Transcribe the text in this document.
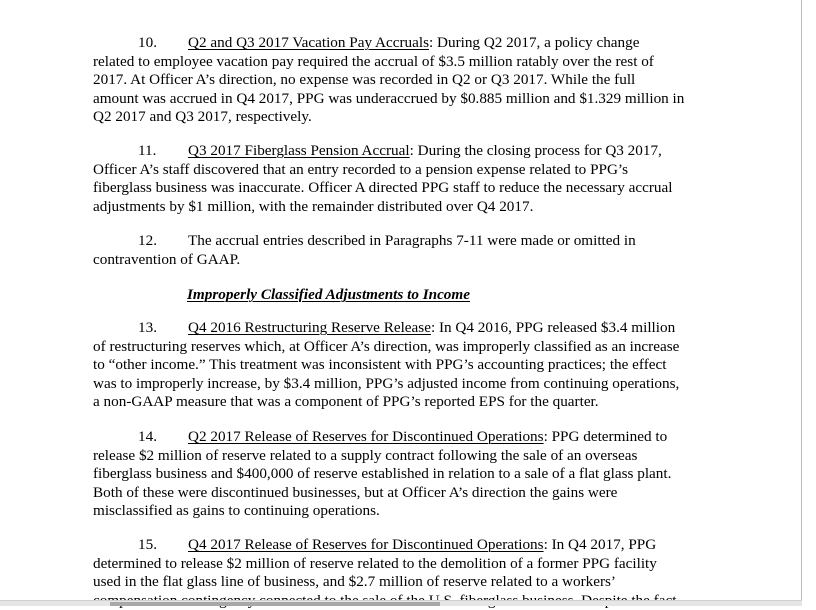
10. Q2 and Q3 2017 Vacation Pay Accruals: During Q2 2017, a policy change
related to employee vacation pay required the accrual of $3.5 million ratably over the rest of
2017. At Officer A’s direction, no expense was recorded in Q2 or Q3 2017. While the full
amount was accrued in Q4 2017, PPG was underaccrued by $0.885 million and $1.329 million in
Q2 2017 and Q3 2017, respectively.
11. Q3 2017 Fiberglass Pension Accrual: During the closing process for Q3 2017,
Officer A’s staff discovered that an entry recorded to a pension expense related to PPG’s
fiberglass business was inaccurate. Officer A directed PPG staff to reduce the necessary accrual
adjustments by $1 million, with the remainder distributed over Q4 2017.
12. The accrual entries described in Paragraphs 7-11 were made or omitted in
contravention of GAAP.
Improperly Classified Adjustments to Income
13. Q4 2016 Restructuring Reserve Release: In Q4 2016, PPG released $3.4 million
of restructuring reserves which, at Officer A’s direction, was improperly classified as an increase
to “other income.” This treatment was inconsistent with PPG’s accounting practices; the effect
was to improperly increase, by $3.4 million, PPG’s adjusted income from continuing operations,
a non-GAAP measure that was a component of PPG’s reported EPS for the quarter.
14. Q2 2017 Release of Reserves for Discontinued Operations: PPG determined to
release $2 million of reserve related to a supply contract following the sale of an overseas
fiberglass business and $400,000 of reserve established in relation to a sale of a flat glass plant.
Both of these were discontinued businesses, but at Officer A’s direction the gains were
misclassified as gains to continuing operations.
15. Q4 2017 Release of Reserves for Discontinued Operations: In Q4 2017, PPG
determined to release $2 million of reserve related to the demolition of a former PPG facility
used in the flat glass line of business, and $2.7 million of reserve related to a workers’
